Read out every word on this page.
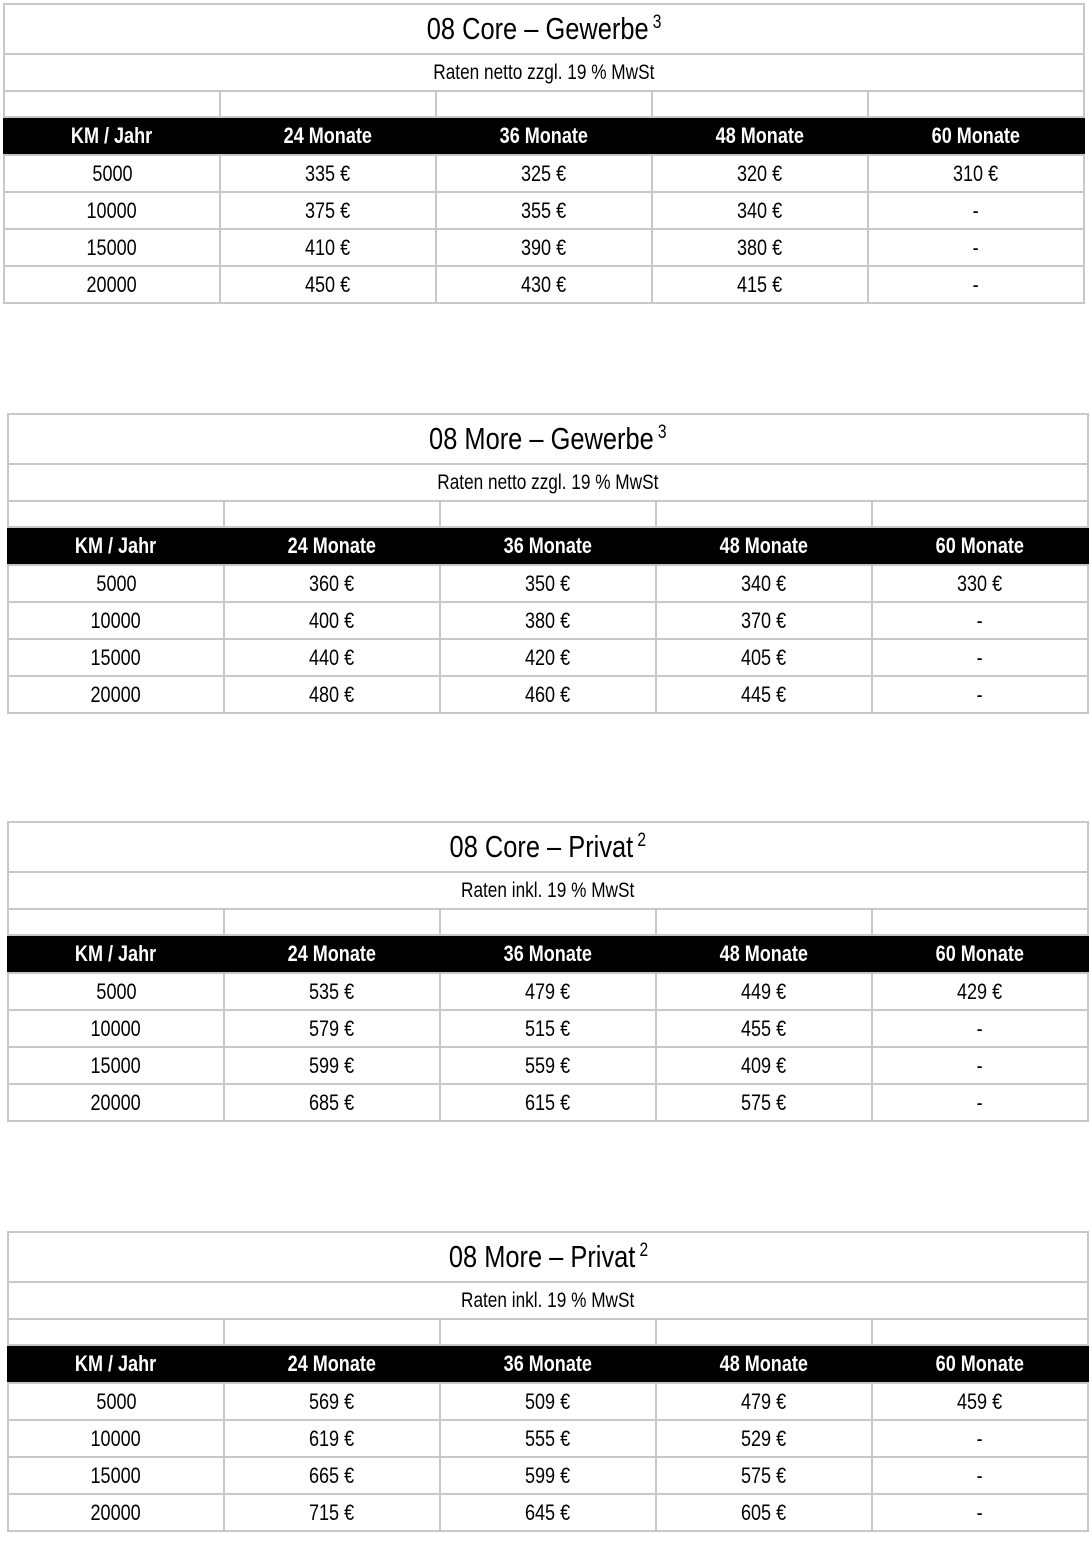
08 Core – Gewerbe $^3$
Raten netto zzgl. 19 % MwSt				

KM / Jahr	24 Monate	36 Monate	48 Monate	60 Monate
5000	335 €	325 €	320 €	310 €
10000	375 €	355 €	340 €	-
15000	410 €	390 €	380 €	-
20000	450 €	430 €	415 €	-
08 More – Gewerbe $^3$
Raten netto zzgl. 19 % MwSt				

KM / Jahr	24 Monate	36 Monate	48 Monate	60 Monate
5000	360 €	350 €	340 €	330 €
10000	400 €	380 €	370 €	-
15000	440 €	420 €	405 €	-
20000	480 €	460 €	445 €	-
08 Core – Privat $^2$
Raten inkl. 19 % MwSt				

KM / Jahr	24 Monate	36 Monate	48 Monate	60 Monate
5000	535 €	479 €	449 €	429 €
10000	579 €	515 €	455 €	-
15000	599 €	559 €	409 €	-
20000	685 €	615 €	575 €	-
08 More – Privat $^2$
Raten inkl. 19 % MwSt				

KM / Jahr	24 Monate	36 Monate	48 Monate	60 Monate
5000	569 €	509 €	479 €	459 €
10000	619 €	555 €	529 €	-
15000	665 €	599 €	575 €	-
20000	715 €	645 €	605 €	-
